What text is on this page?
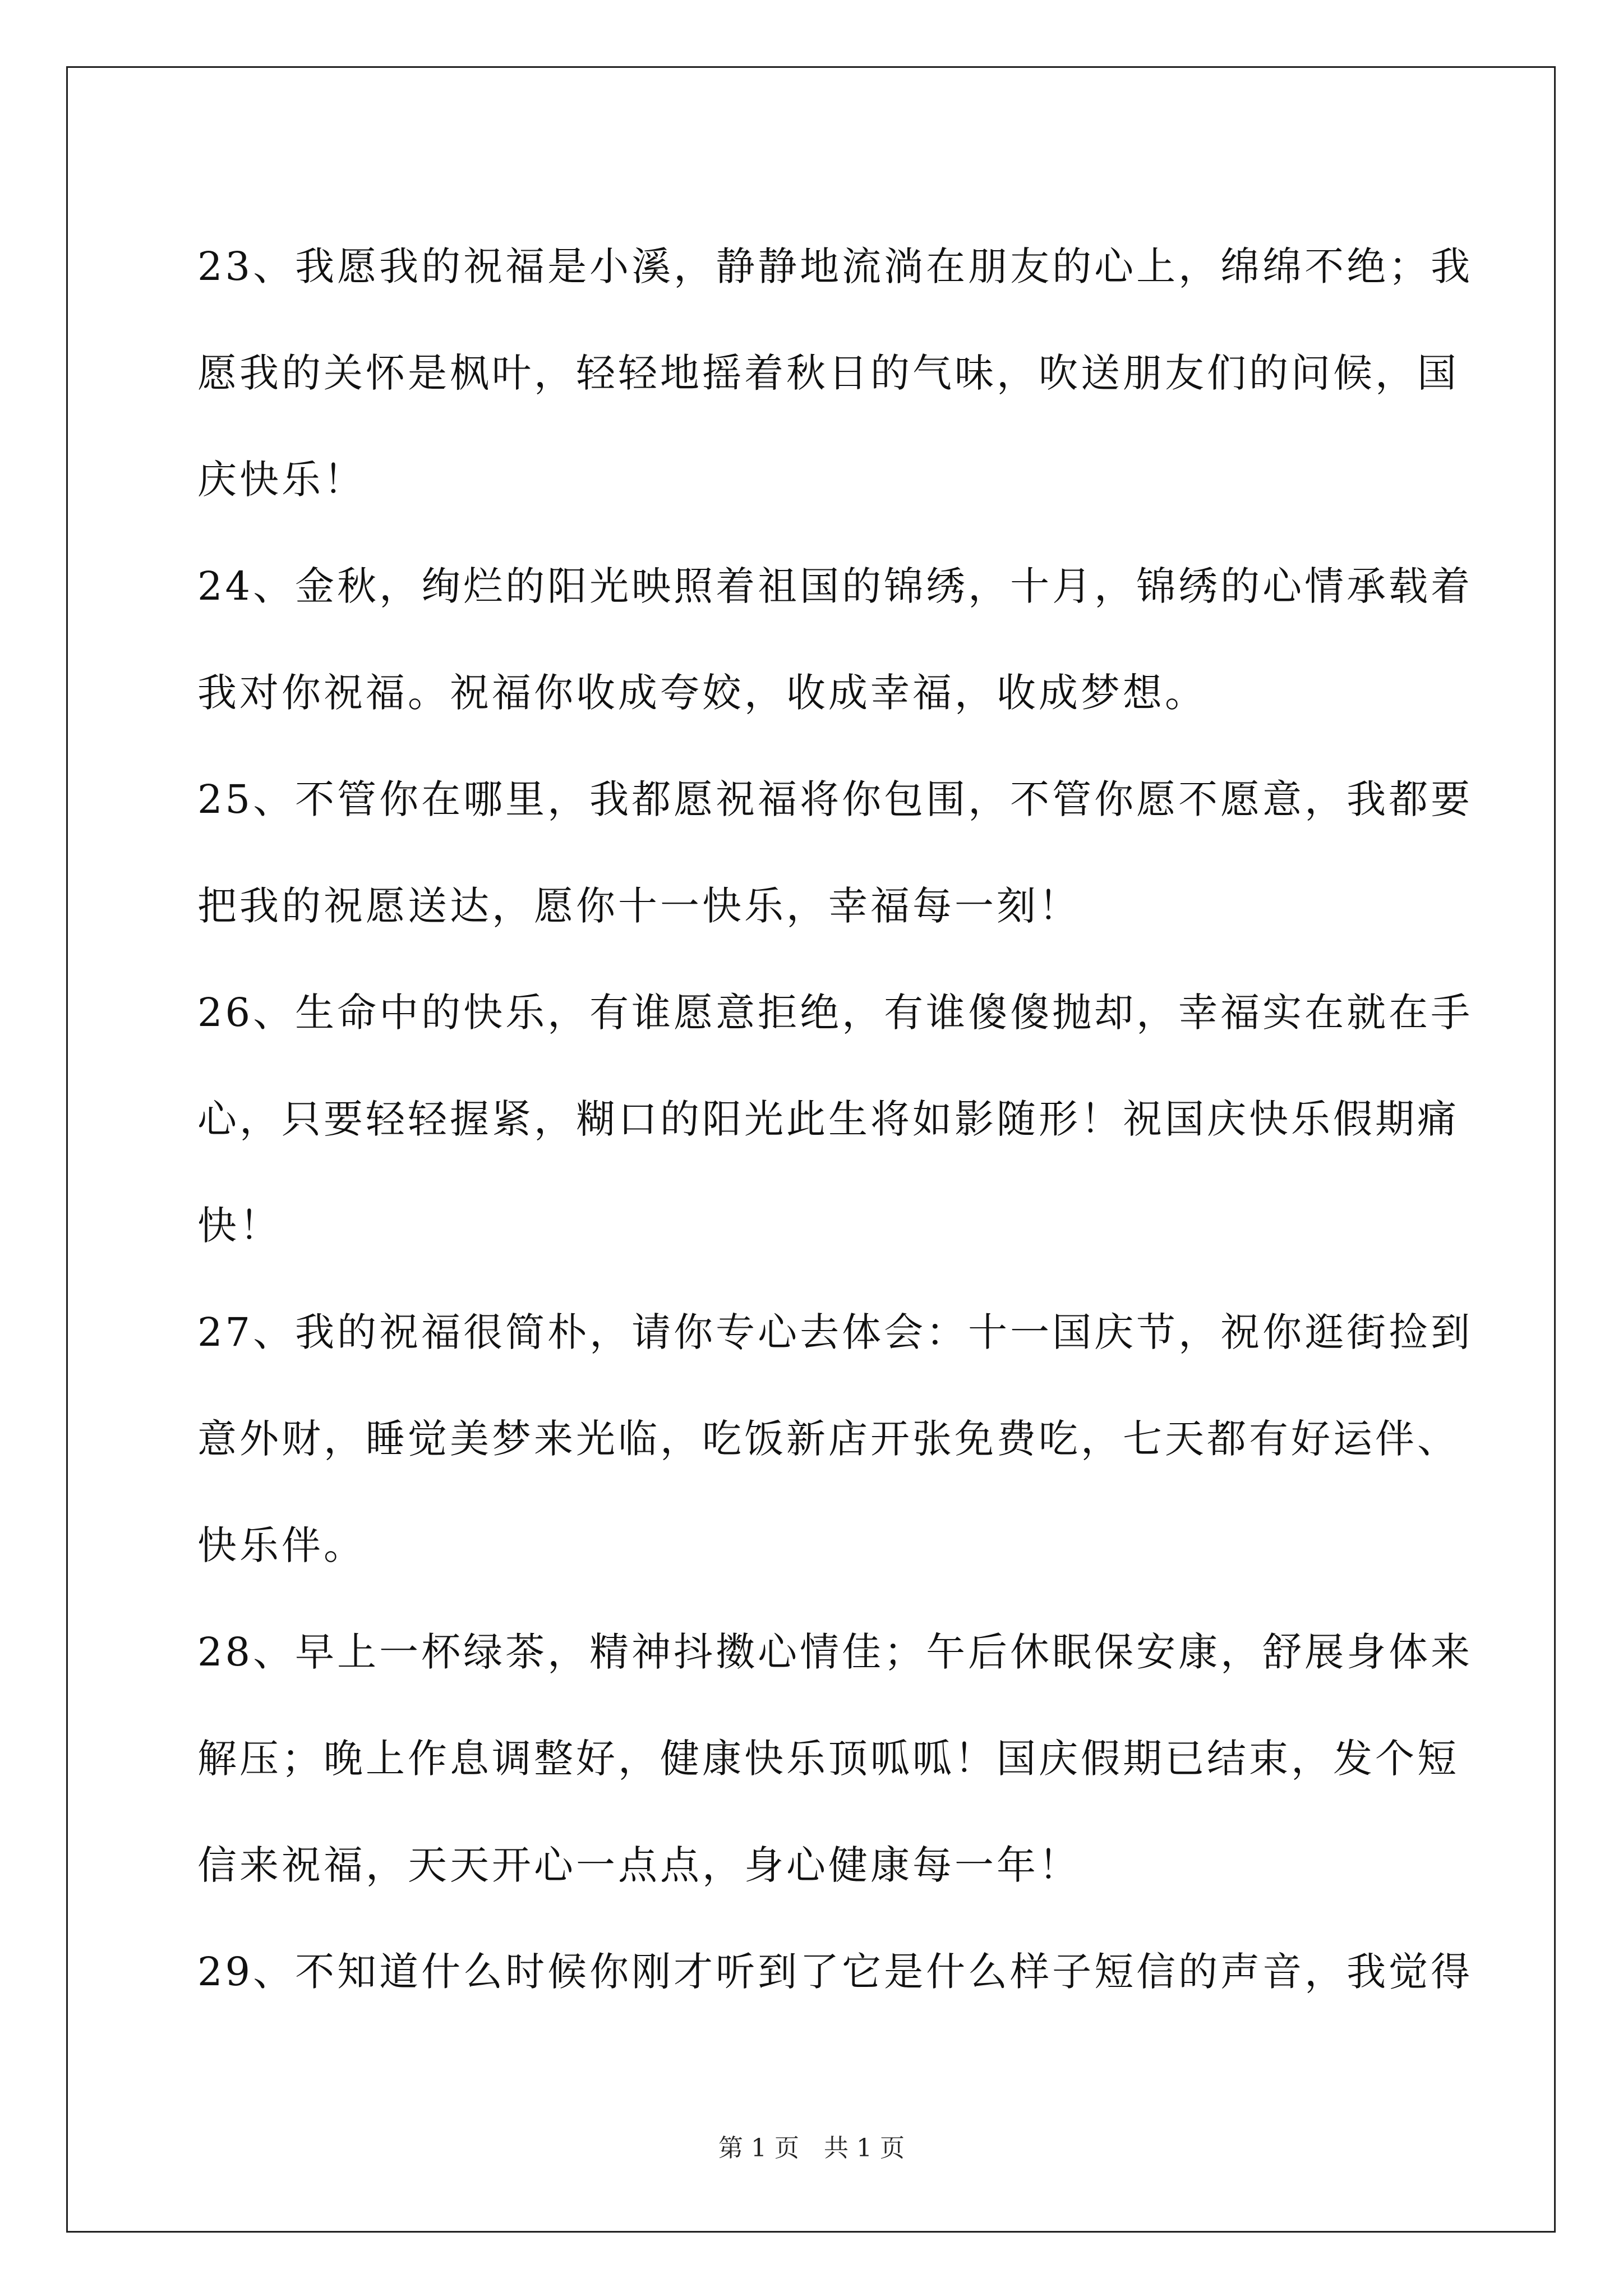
23、我愿我的祝福是小溪，静静地流淌在朋友的心上，绵绵不绝；我
愿我的关怀是枫叶，轻轻地摇着秋日的气味，吹送朋友们的问候，国
庆快乐！
24、金秋，绚烂的阳光映照着祖国的锦绣，十月，锦绣的心情承载着
我对你祝福。祝福你收成夸姣，收成幸福，收成梦想。
25、不管你在哪里，我都愿祝福将你包围，不管你愿不愿意，我都要
把我的祝愿送达，愿你十一快乐，幸福每一刻！
26、生命中的快乐，有谁愿意拒绝，有谁傻傻抛却，幸福实在就在手
心，只要轻轻握紧，糊口的阳光此生将如影随形！祝国庆快乐假期痛
快！
27、我的祝福很简朴，请你专心去体会：十一国庆节，祝你逛街捡到
意外财，睡觉美梦来光临，吃饭新店开张免费吃，七天都有好运伴、
快乐伴。
28、早上一杯绿茶，精神抖擞心情佳；午后休眠保安康，舒展身体来
解压；晚上作息调整好，健康快乐顶呱呱！国庆假期已结束，发个短
信来祝福，天天开心一点点，身心健康每一年！
29、不知道什么时候你刚才听到了它是什么样子短信的声音，我觉得
第 1 页　共 1 页
